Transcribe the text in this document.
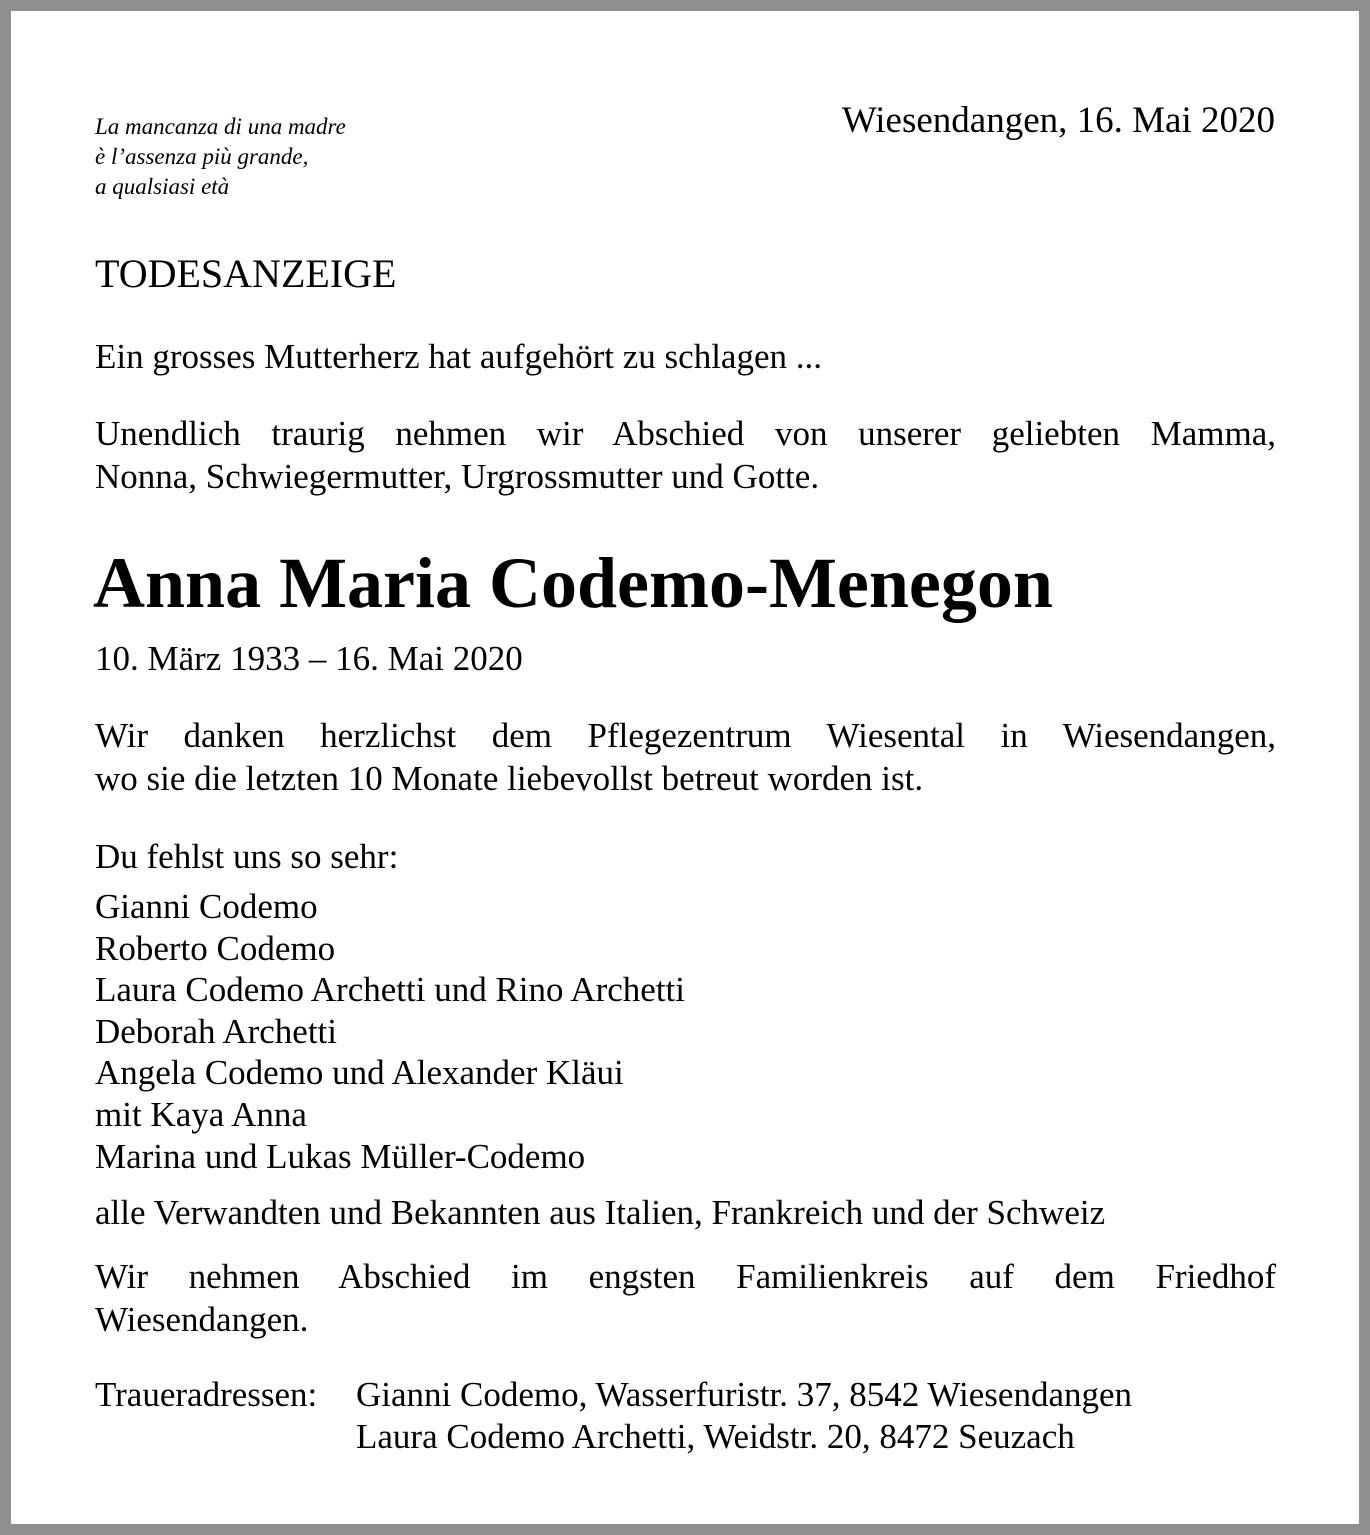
La mancanza di una madre
è l’assenza più grande,
a qualsiasi età
Wiesendangen, 16. Mai 2020
TODESANZEIGE
Ein grosses Mutterherz hat aufgehört zu schlagen ...
Unendlich traurig nehmen wir Abschied von unserer geliebten Mamma,
Nonna, Schwiegermutter, Urgrossmutter und Gotte.
Anna Maria Codemo-Menegon
10. März 1933 – 16. Mai 2020
Wir danken herzlichst dem Pflegezentrum Wiesental in Wiesendangen,
wo sie die letzten 10 Monate liebevollst betreut worden ist.
Du fehlst uns so sehr:
Gianni Codemo
Roberto Codemo
Laura Codemo Archetti und Rino Archetti
Deborah Archetti
Angela Codemo und Alexander Kläui
mit Kaya Anna
Marina und Lukas Müller-Codemo
alle Verwandten und Bekannten aus Italien, Frankreich und der Schweiz
Wir nehmen Abschied im engsten Familienkreis auf dem Friedhof
Wiesendangen.
Traueradressen: Gianni Codemo, Wasserfuristr. 37, 8542 Wiesendangen
Laura Codemo Archetti, Weidstr. 20, 8472 Seuzach
